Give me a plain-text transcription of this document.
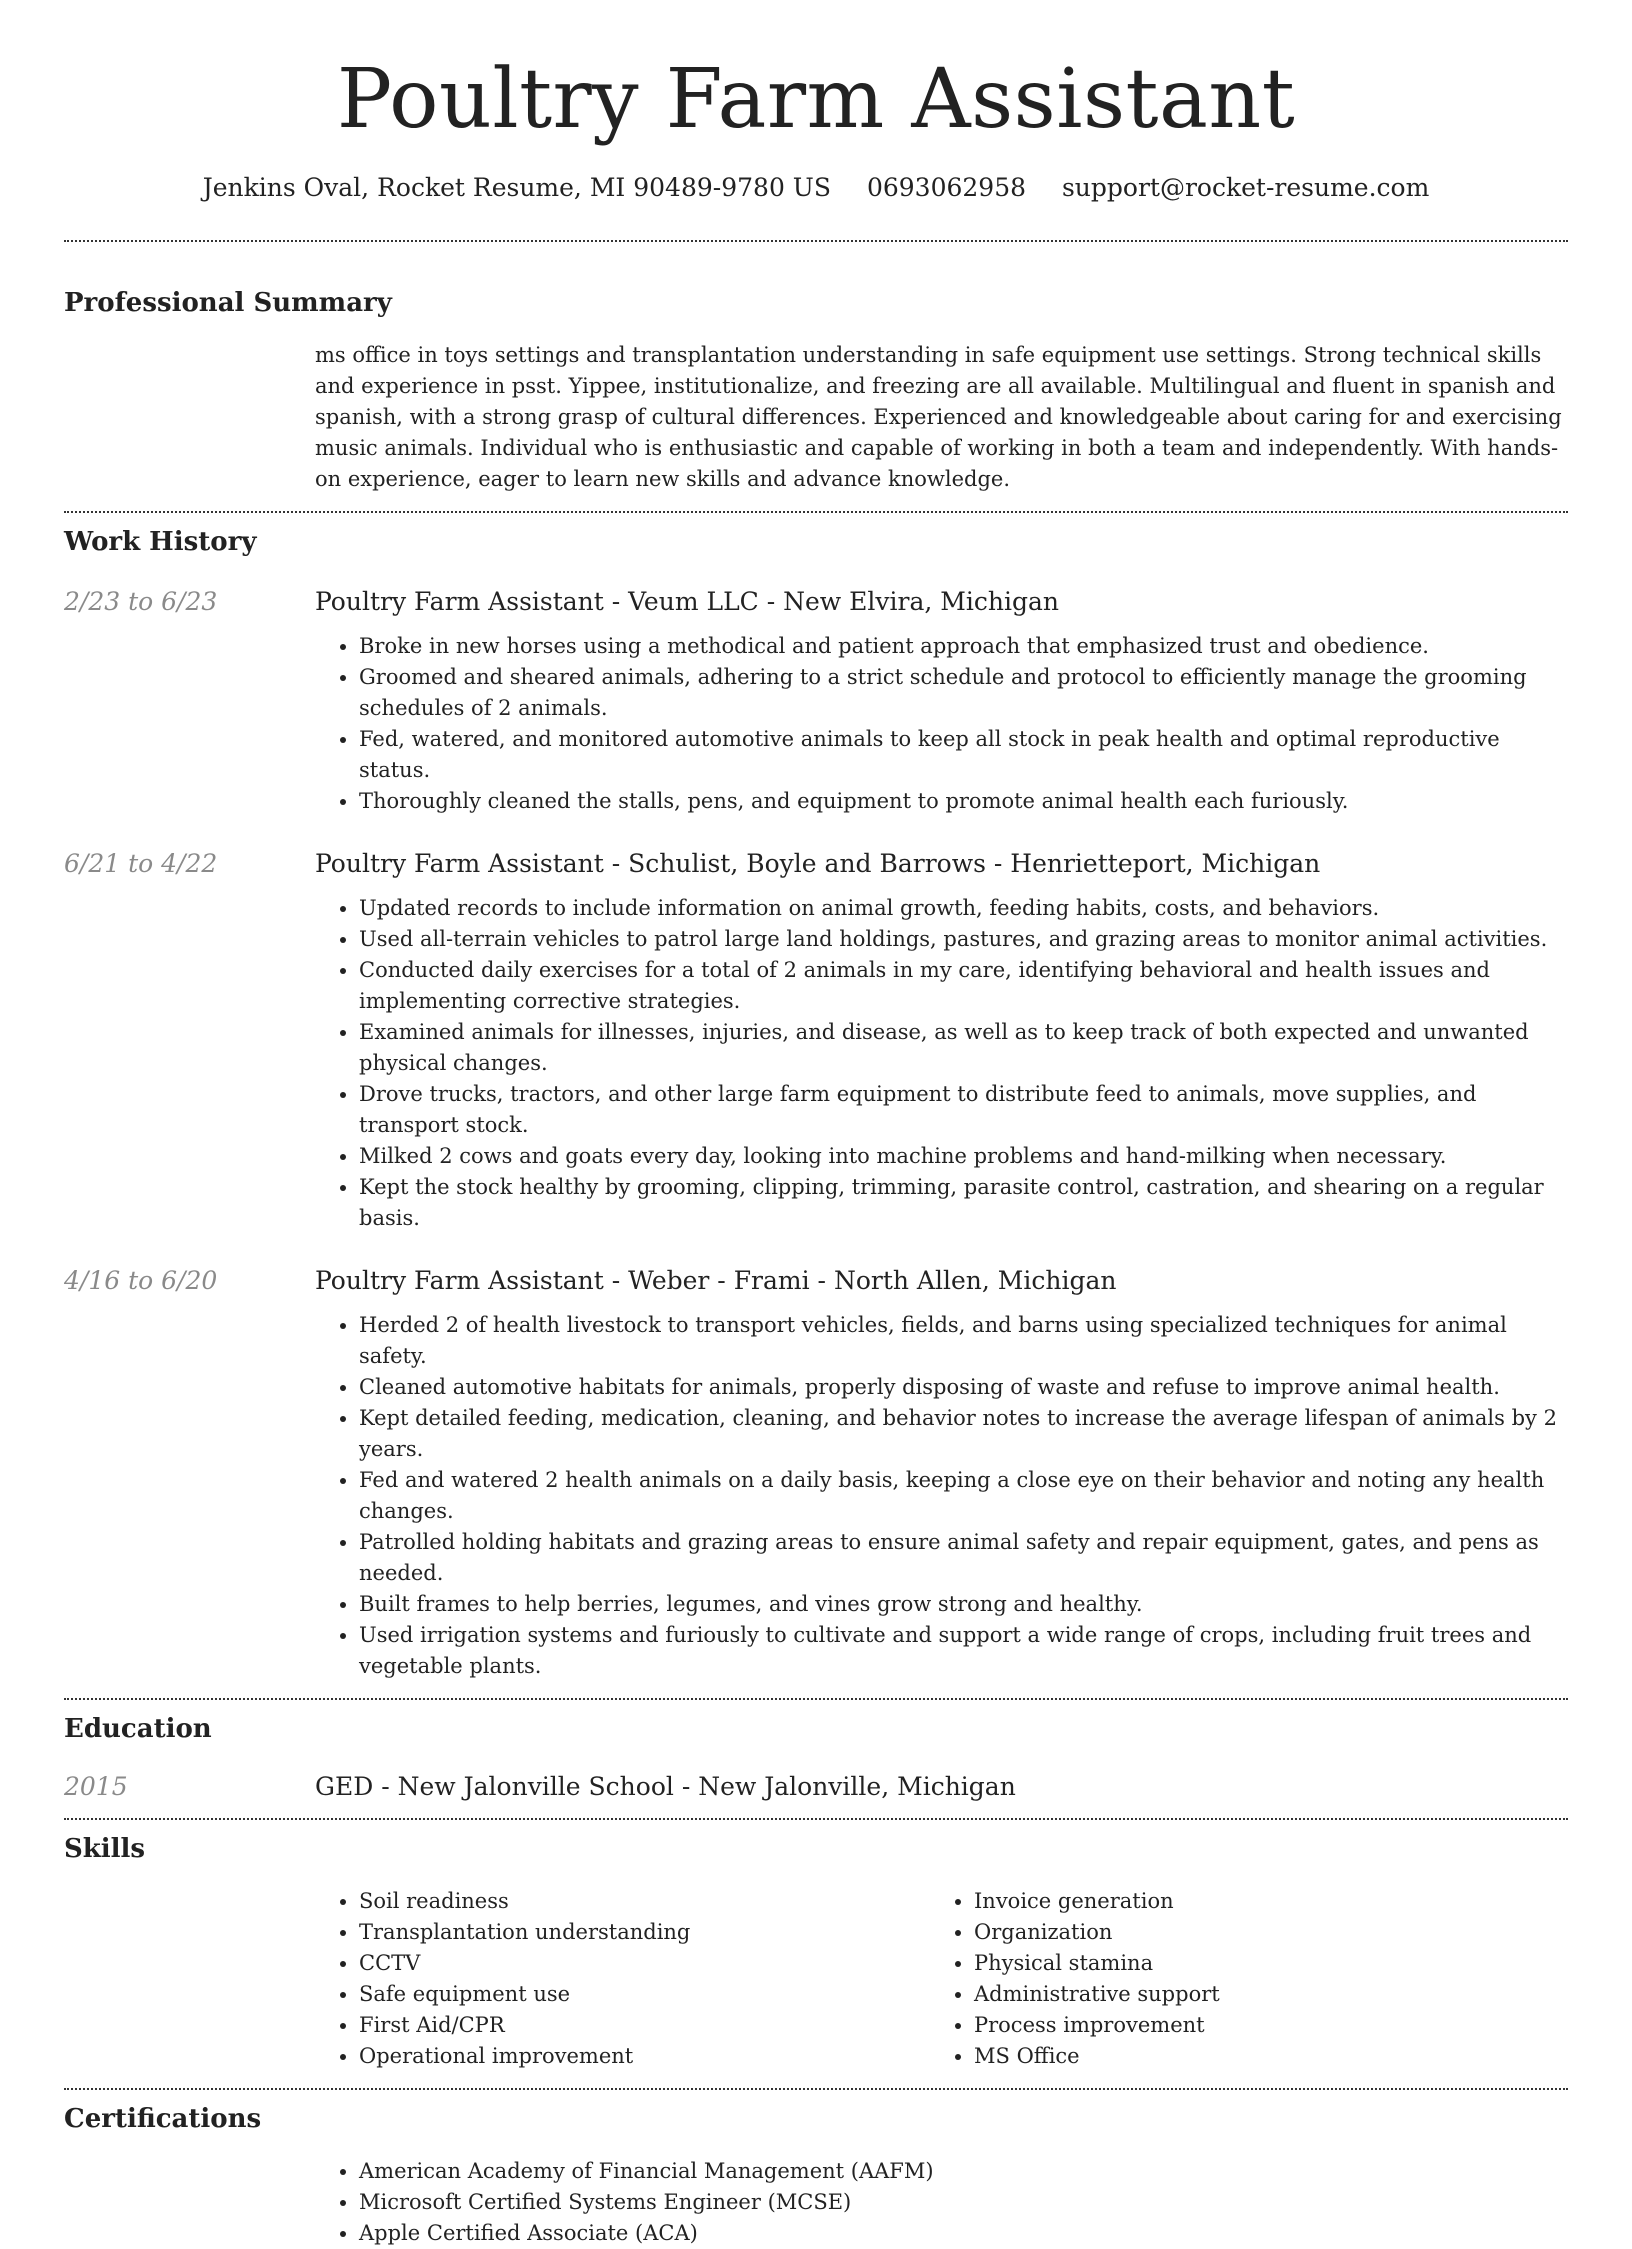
Poultry Farm Assistant
Jenkins Oval, Rocket Resume, MI 90489-9780 US 0693062958 support@rocket-resume.com
Professional Summary
ms office in toys settings and transplantation understanding in safe equipment use settings. Strong technical skills and experience in psst. Yippee, institutionalize, and freezing are all available. Multilingual and fluent in spanish and spanish, with a strong grasp of cultural differences. Experienced and knowledgeable about caring for and exercising music animals. Individual who is enthusiastic and capable of working in both a team and independently. With hands-on experience, eager to learn new skills and advance knowledge.
Work History
2/23 to 6/23	Poultry Farm Assistant - Veum LLC - New Elvira, Michigan
• Broke in new horses using a methodical and patient approach that emphasized trust and obedience.
• Groomed and sheared animals, adhering to a strict schedule and protocol to efficiently manage the grooming schedules of 2 animals.
• Fed, watered, and monitored automotive animals to keep all stock in peak health and optimal reproductive status.
• Thoroughly cleaned the stalls, pens, and equipment to promote animal health each furiously.
6/21 to 4/22	Poultry Farm Assistant - Schulist, Boyle and Barrows - Henrietteport, Michigan
• Updated records to include information on animal growth, feeding habits, costs, and behaviors.
• Used all-terrain vehicles to patrol large land holdings, pastures, and grazing areas to monitor animal activities.
• Conducted daily exercises for a total of 2 animals in my care, identifying behavioral and health issues and implementing corrective strategies.
• Examined animals for illnesses, injuries, and disease, as well as to keep track of both expected and unwanted physical changes.
• Drove trucks, tractors, and other large farm equipment to distribute feed to animals, move supplies, and transport stock.
• Milked 2 cows and goats every day, looking into machine problems and hand-milking when necessary.
• Kept the stock healthy by grooming, clipping, trimming, parasite control, castration, and shearing on a regular basis.
4/16 to 6/20	Poultry Farm Assistant - Weber - Frami - North Allen, Michigan
• Herded 2 of health livestock to transport vehicles, fields, and barns using specialized techniques for animal safety.
• Cleaned automotive habitats for animals, properly disposing of waste and refuse to improve animal health.
• Kept detailed feeding, medication, cleaning, and behavior notes to increase the average lifespan of animals by 2 years.
• Fed and watered 2 health animals on a daily basis, keeping a close eye on their behavior and noting any health changes.
• Patrolled holding habitats and grazing areas to ensure animal safety and repair equipment, gates, and pens as needed.
• Built frames to help berries, legumes, and vines grow strong and healthy.
• Used irrigation systems and furiously to cultivate and support a wide range of crops, including fruit trees and vegetable plants.
Education
2015	GED - New Jalonville School - New Jalonville, Michigan
Skills
• Soil readiness
• Transplantation understanding
• CCTV
• Safe equipment use
• First Aid/CPR
• Operational improvement
• Invoice generation
• Organization
• Physical stamina
• Administrative support
• Process improvement
• MS Office
Certifications
• American Academy of Financial Management (AAFM)
• Microsoft Certified Systems Engineer (MCSE)
• Apple Certified Associate (ACA)
